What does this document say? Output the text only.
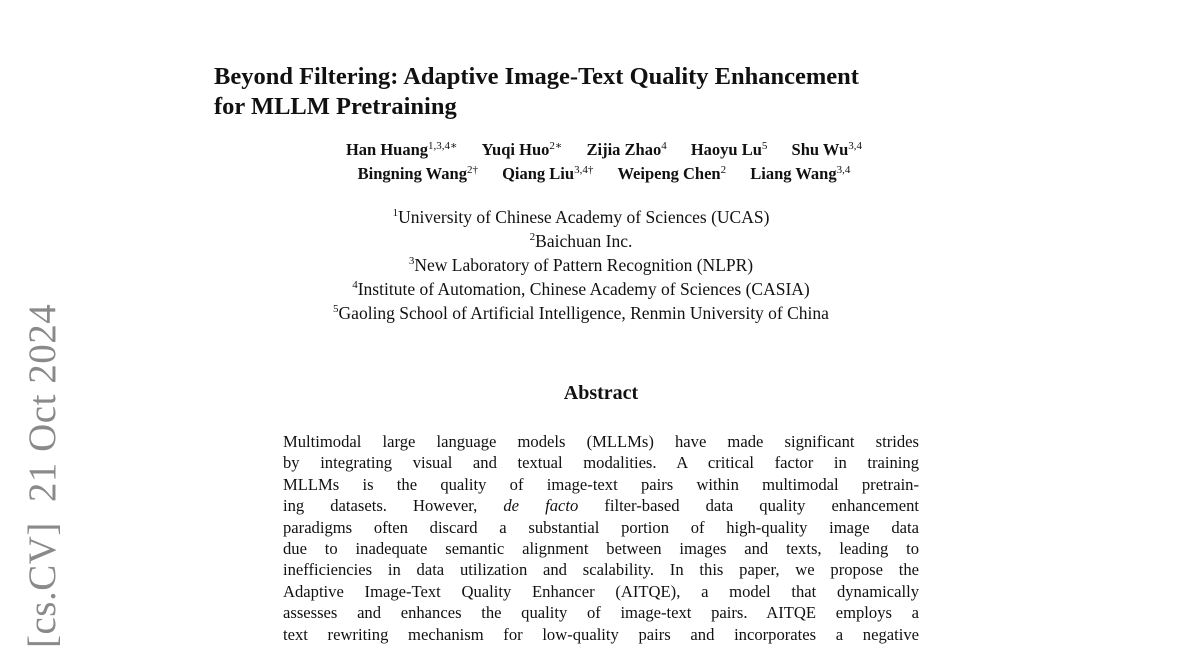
Beyond Filtering: Adaptive Image-Text Quality Enhancement
for MLLM Pretraining
Han Huang$^{1,3,4∗}$ Yuqi Huo$^{2∗}$ Zijia Zhao$^4$ Haoyu Lu$^5$ Shu Wu$^{3,4}$
Bingning Wang$^{2\dagger}$ Qiang Liu$^{3,4\dagger}$ Weipeng Chen$^2$ Liang Wang$^{3,4}$
$^1$University of Chinese Academy of Sciences (UCAS)
$^2$Baichuan Inc.
$^3$New Laboratory of Pattern Recognition (NLPR)
$^4$Institute of Automation, Chinese Academy of Sciences (CASIA)
$^5$Gaoling School of Artificial Intelligence, Renmin University of China
Abstract
Multimodal large language models (MLLMs) have made significant strides
by integrating visual and textual modalities. A critical factor in training
MLLMs is the quality of image-text pairs within multimodal pretrain-
ing datasets. However, de facto filter-based data quality enhancement
paradigms often discard a substantial portion of high-quality image data
due to inadequate semantic alignment between images and texts, leading to
inefficiencies in data utilization and scalability. In this paper, we propose the
Adaptive Image-Text Quality Enhancer (AITQE), a model that dynamically
assesses and enhances the quality of image-text pairs. AITQE employs a
text rewriting mechanism for low-quality pairs and incorporates a negative
[cs.CV]21 Oct 2024
